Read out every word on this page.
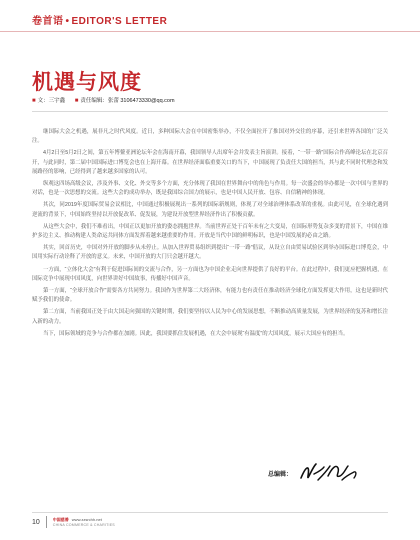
卷首语 • EDITOR'S LETTER
机遇与风度
■ 文：三宇鑫 ■ 责任编辑：张蕾 3106473330@qq.com

继国际大会之机遇，展非凡之时代风度。近日，多种国际大会在中国密集举办，不仅全面拉开了推国对外交往的序幕，还引来世界各国的广泛关注。

4月2日至5月2日之间，第五年博鳌亚洲论坛年会在海南开幕，我国领导人出席年会并发表主旨演讲。接着，“一带一路”国际合作高峰论坛在北京召开，与此同时，第二届中国国际进口博览会也在上海开幕。在世界经济面临重要关口的当下，中国展现了负责任大国的担当，其与此不同时代理念和发展路径的影响，已经得到了越来越多国家的认可。

纵观这四场高级会议，涉及外事、文化、外交等多个方面，充分体现了我国在世界舞台中的角色与作用。每一次盛会的举办都是一次中国与世界的对话，也是一次思想的交流。这些大会的成功举办，既是我国综合国力的展示，也是中国人民开放、包容、自信精神的体现。

其次，同2019年度国际贸易会议相比，中国通过积极展现出一系列的国际新规则，体现了对全球治理体系改革的重视。由此可见，在全球化遇到逆流的背景下，中国始终坚持以开放促改革、促发展，为建设开放型世界经济作出了积极贡献。

从这些大会中，我们不难看出，中国正以更加开放的姿态拥抱世界。当前世界正处于百年未有之大变局，在国际形势复杂多变的背景下，中国在维护多边主义、推动构建人类命运共同体方面发挥着越来越重要的作用。开放是当代中国的鲜明标识，也是中国发展的必由之路。

其实，回首历史，中国对外开放的脚步从未停止。从加入世界贸易组织到提出“一带一路”倡议，从设立自由贸易试验区到举办国际进口博览会，中国用实际行动诠释了开放的意义。未来，中国开放的大门只会越开越大。

一方面，“立体化大会”有利于促进国际间的交流与合作，另一方面也为中国企业走向世界提供了良好的平台。在此过程中，我们更应把握机遇，在国际竞争中展现中国风度，向世界讲好中国故事，传播好中国声音。

第一方面，“全球开放合作”需要各方共同努力。我国作为世界第二大经济体，有能力也有责任在推动经济全球化方面发挥更大作用，这也是新时代赋予我们的使命。

第二方面，当前我国正处于由大国走向强国的关键时期，我们要坚持以人民为中心的发展思想，不断推动高质量发展，为世界经济的复苏和增长注入新的动力。

当下，国际领域的竞争与合作都在加剧。因此，我国要抓住发展机遇，在大会中展现“有温度”的大国风度，展示大国应有的担当。

总编辑：
10	中国慈善 www.zzsrchh.net
CHINA COMMERCE & CHARITIES
